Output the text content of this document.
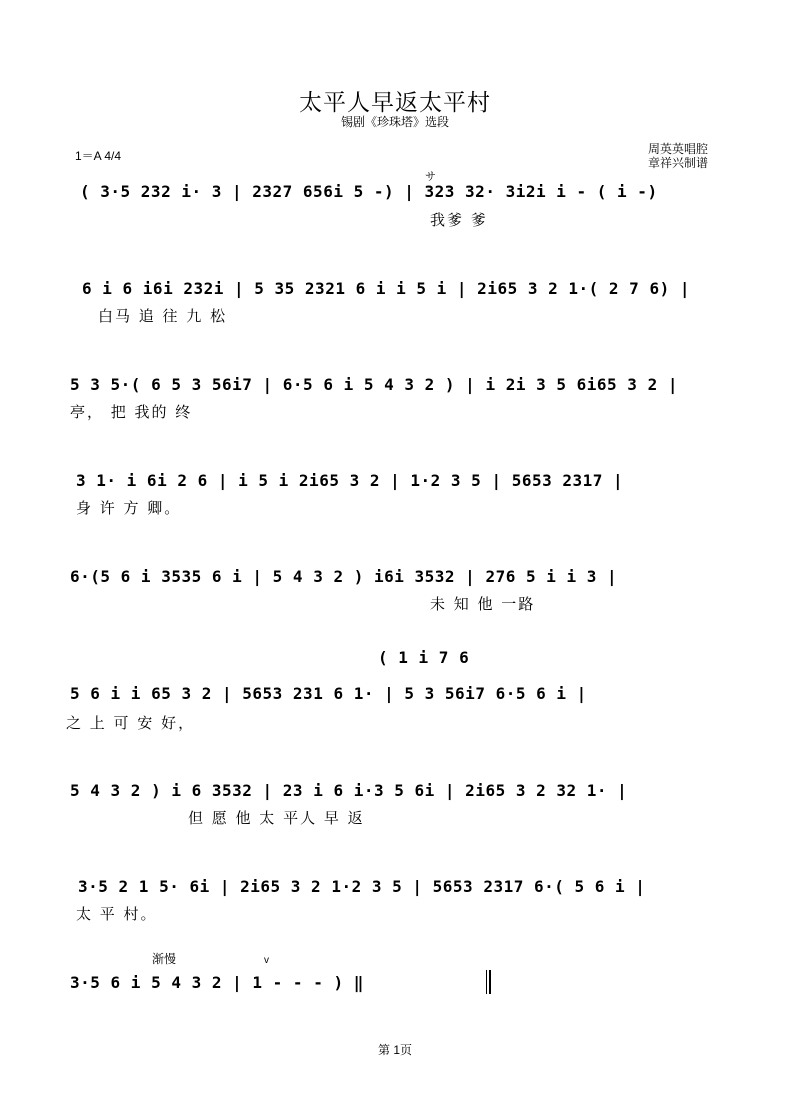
太平人早返太平村
锡剧《珍珠塔》选段
1＝A 4/4	周英英唱腔
章祥兴制谱
サ
( 3·5 232 i· 3 | 2327 656i 5 -) | 323 32· 3i2i i - ( i -)
我爹 爹
6 i 6 i6i 232i | 5 35 2321 6 i i 5 i | 2i65 3 2 1·( 2 7 6) |
白马 追 往 九 松
5 3 5·( 6 5 3 56i7 | 6·5 6 i 5 4 3 2 ) | i 2i 3 5 6i65 3 2 |
亭， 把 我的 终
3 1· i 6i 2 6 | i 5 i 2i65 3 2 | 1·2 3 5 | 5653 2317 |
身 许 方 卿。
6·(5 6 i 3535 6 i | 5 4 3 2 ) i6i 3532 | 276 5 i i 3 |
未 知 他 一路
( 1 i 7 6
5 6 i i 65 3 2 | 5653 231 6 1· | 5 3 56i7 6·5 6 i |
之 上 可 安 好，
5 4 3 2 ) i 6 3532 | 23 i 6 i·3 5 6i | 2i65 3 2 32 1· |
但 愿 他 太 平人 早 返
3·5 2 1 5· 6i | 2i65 3 2 1·2 3 5 | 5653 2317 6·( 5 6 i |
太 平 村。
渐慢	v
3·5 6 i 5 4 3 2 | 1 - - - ) ‖
第 1页
